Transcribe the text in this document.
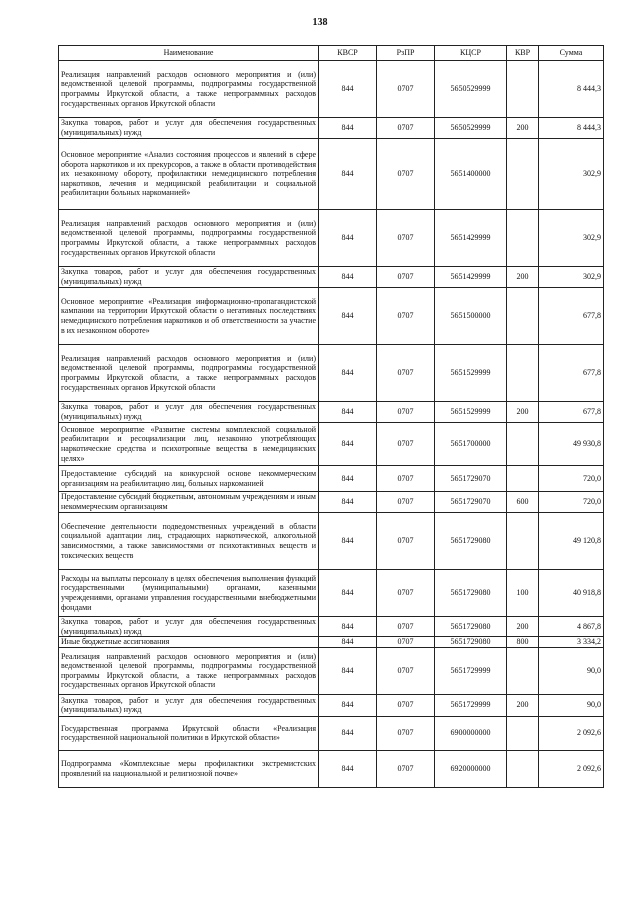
138
Наименование	КВСР	РзПР	КЦСР	КВР	Сумма
Реализация направлений расходов основного мероприятия и (или) ведомственной целевой программы, подпрограммы государственной программы Иркутской области, а также непрограммных расходов государственных органов Иркутской области	844	0707	5650529999		8 444,3
Закупка товаров, работ и услуг для обеспечения государственных (муниципальных) нужд	844	0707	5650529999	200	8 444,3
Основное мероприятие «Анализ состояния процессов и явлений в сфере оборота наркотиков и их прекурсоров, а также в области противодействия их незаконному обороту, профилактики немедицинского потребления наркотиков, лечения и медицинской реабилитации и социальной реабилитации больных наркоманией»	844	0707	5651400000		302,9
Реализация направлений расходов основного мероприятия и (или) ведомственной целевой программы, подпрограммы государственной программы Иркутской области, а также непрограммных расходов государственных органов Иркутской области	844	0707	5651429999		302,9
Закупка товаров, работ и услуг для обеспечения государственных (муниципальных) нужд	844	0707	5651429999	200	302,9
Основное мероприятие «Реализация информационно-пропагандистской кампании на территории Иркутской области о негативных последствиях немедицинского потребления наркотиков и об ответственности за участие в их незаконном обороте»	844	0707	5651500000		677,8
Реализация направлений расходов основного мероприятия и (или) ведомственной целевой программы, подпрограммы государственной программы Иркутской области, а также непрограммных расходов государственных органов Иркутской области	844	0707	5651529999		677,8
Закупка товаров, работ и услуг для обеспечения государственных (муниципальных) нужд	844	0707	5651529999	200	677,8
Основное мероприятие «Развитие системы комплексной социальной реабилитации и ресоциализации лиц, незаконно употребляющих наркотические средства и психотропные вещества в немедицинских целях»	844	0707	5651700000		49 930,8
Предоставление субсидий на конкурсной основе некоммерческим организациям на реабилитацию лиц, больных наркоманией	844	0707	5651729070		720,0
Предоставление субсидий бюджетным, автономным учреждениям и иным некоммерческим организациям	844	0707	5651729070	600	720,0
Обеспечение деятельности подведомственных учреждений в области социальной адаптации лиц, страдающих наркотической, алкогольной зависимостями, а также зависимостями от психотактивных веществ и токсических веществ	844	0707	5651729080		49 120,8
Расходы на выплаты персоналу в целях обеспечения выполнения функций государственными (муниципальными) органами, казенными учреждениями, органами управления государственными внебюджетными фондами	844	0707	5651729080	100	40 918,8
Закупка товаров, работ и услуг для обеспечения государственных (муниципальных) нужд	844	0707	5651729080	200	4 867,8
Иные бюджетные ассигнования	844	0707	5651729080	800	3 334,2
Реализация направлений расходов основного мероприятия и (или) ведомственной целевой программы, подпрограммы государственной программы Иркутской области, а также непрограммных расходов государственных органов Иркутской области	844	0707	5651729999		90,0
Закупка товаров, работ и услуг для обеспечения государственных (муниципальных) нужд	844	0707	5651729999	200	90,0
Государственная программа Иркутской области «Реализация государственной национальной политики в Иркутской области»	844	0707	6900000000		2 092,6
Подпрограмма «Комплексные меры профилактики экстремистских проявлений на национальной и религиозной почве»	844	0707	6920000000		2 092,6
